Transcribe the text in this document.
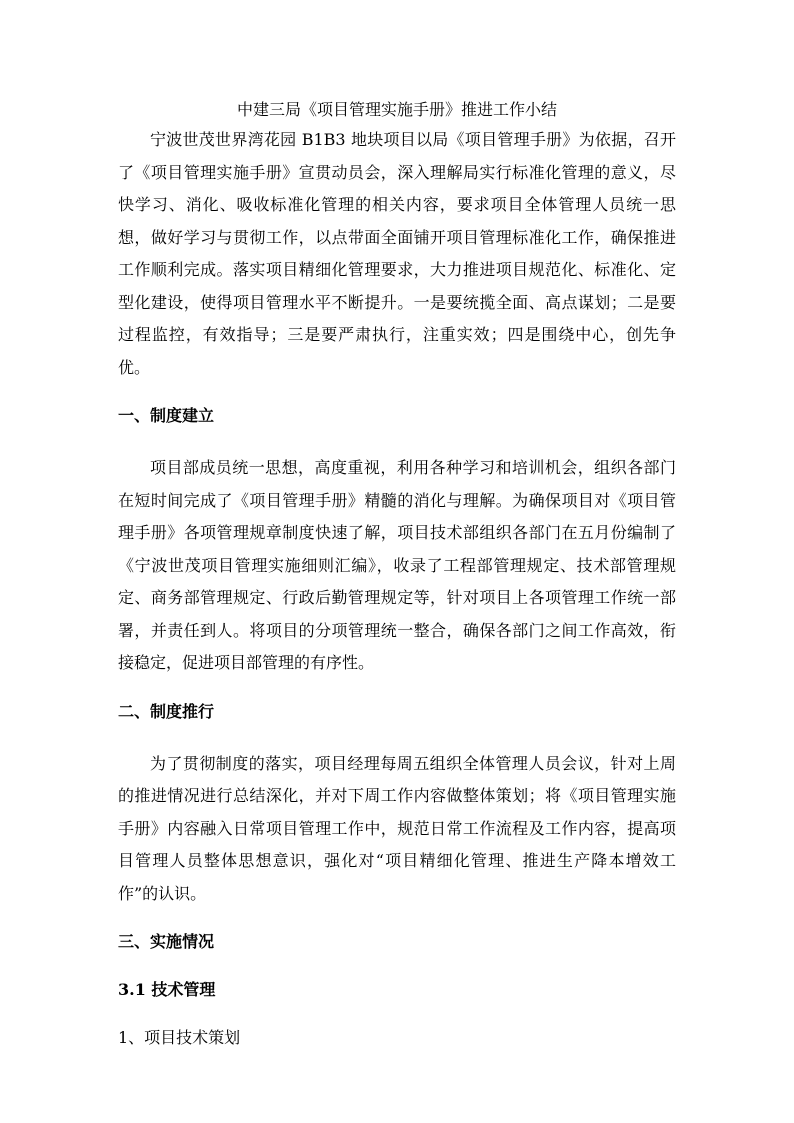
中建三局《项目管理实施手册》推进工作小结

宁波世茂世界湾花园 B1B3 地块项目以局《项目管理手册》为依据，召开了《项目管理实施手册》宣贯动员会，深入理解局实行标准化管理的意义，尽快学习、消化、吸收标准化管理的相关内容，要求项目全体管理人员统一思想，做好学习与贯彻工作，以点带面全面铺开项目管理标准化工作，确保推进工作顺利完成。落实项目精细化管理要求，大力推进项目规范化、标准化、定型化建设，使得项目管理水平不断提升。一是要统揽全面、高点谋划；二是要过程监控，有效指导；三是要严肃执行，注重实效；四是围绕中心，创先争优。

一、制度建立

项目部成员统一思想，高度重视，利用各种学习和培训机会，组织各部门在短时间完成了《项目管理手册》精髓的消化与理解。为确保项目对《项目管理手册》各项管理规章制度快速了解，项目技术部组织各部门在五月份编制了《宁波世茂项目管理实施细则汇编》，收录了工程部管理规定、技术部管理规定、商务部管理规定、行政后勤管理规定等，针对项目上各项管理工作统一部署，并责任到人。将项目的分项管理统一整合，确保各部门之间工作高效，衔接稳定，促进项目部管理的有序性。

二、制度推行

为了贯彻制度的落实，项目经理每周五组织全体管理人员会议，针对上周的推进情况进行总结深化，并对下周工作内容做整体策划；将《项目管理实施手册》内容融入日常项目管理工作中，规范日常工作流程及工作内容，提高项目管理人员整体思想意识，强化对“项目精细化管理、推进生产降本增效工作”的认识。

三、实施情况
3.1 技术管理

1、项目技术策划
